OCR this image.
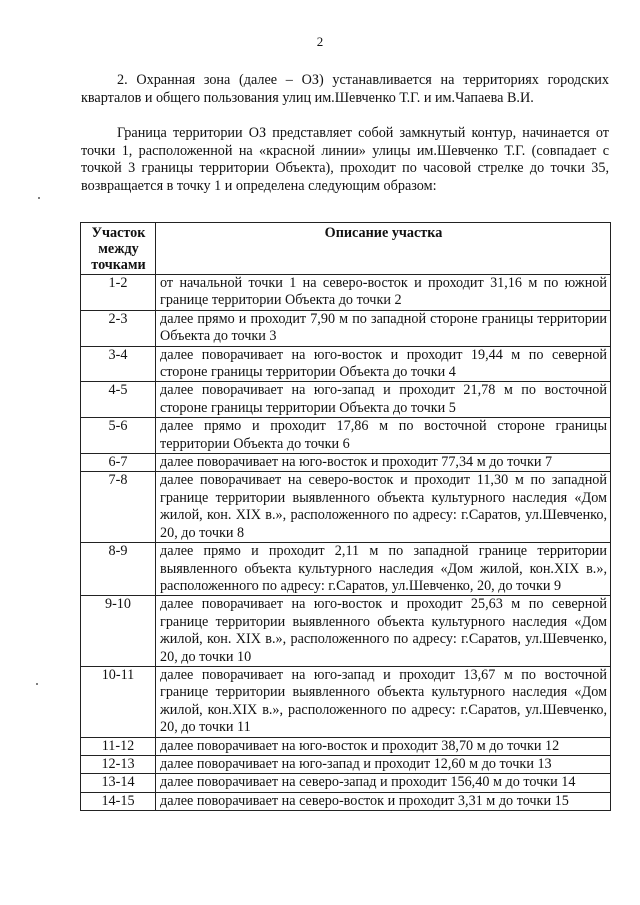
2

2. Охранная зона (далее – ОЗ) устанавливается на территориях городских кварталов и общего пользования улиц им.Шевченко Т.Г. и им.Чапаева В.И.

Граница территории ОЗ представляет собой замкнутый контур, начинается от точки 1, расположенной на «красной линии» улицы им.Шевченко Т.Г. (совпадает с точкой 3 границы территории Объекта), проходит по часовой стрелке до точки 35, возвращается в точку 1 и определена следующим образом:

Участок между точками	Описание участка
1-2	от начальной точки 1 на северо-восток и проходит 31,16 м по южной границе территории Объекта до точки 2
2-3	далее прямо и проходит 7,90 м по западной стороне границы территории Объекта до точки 3
3-4	далее поворачивает на юго-восток и проходит 19,44 м по северной стороне границы территории Объекта до точки 4
4-5	далее поворачивает на юго-запад и проходит 21,78 м по восточной стороне границы территории Объекта до точки 5
5-6	далее прямо и проходит 17,86 м по восточной стороне границы территории Объекта до точки 6
6-7	далее поворачивает на юго-восток и проходит 77,34 м до точки 7
7-8	далее поворачивает на северо-восток и проходит 11,30 м по западной границе территории выявленного объекта культурного наследия «Дом жилой, кон. XIX в.», расположенного по адресу: г.Саратов, ул.Шевченко, 20, до точки 8
8-9	далее прямо и проходит 2,11 м по западной границе территории выявленного объекта культурного наследия «Дом жилой, кон.XIX в.», расположенного по адресу: г.Саратов, ул.Шевченко, 20, до точки 9
9-10	далее поворачивает на юго-восток и проходит 25,63 м по северной границе территории выявленного объекта культурного наследия «Дом жилой, кон. XIX в.», расположенного по адресу: г.Саратов, ул.Шевченко, 20, до точки 10
10-11	далее поворачивает на юго-запад и проходит 13,67 м по восточной границе территории выявленного объекта культурного наследия «Дом жилой, кон.XIX в.», расположенного по адресу: г.Саратов, ул.Шевченко, 20, до точки 11
11-12	далее поворачивает на юго-восток и проходит 38,70 м до точки 12
12-13	далее поворачивает на юго-запад и проходит 12,60 м до точки 13
13-14	далее поворачивает на северо-запад и проходит 156,40 м до точки 14
14-15	далее поворачивает на северо-восток и проходит 3,31 м до точки 15
